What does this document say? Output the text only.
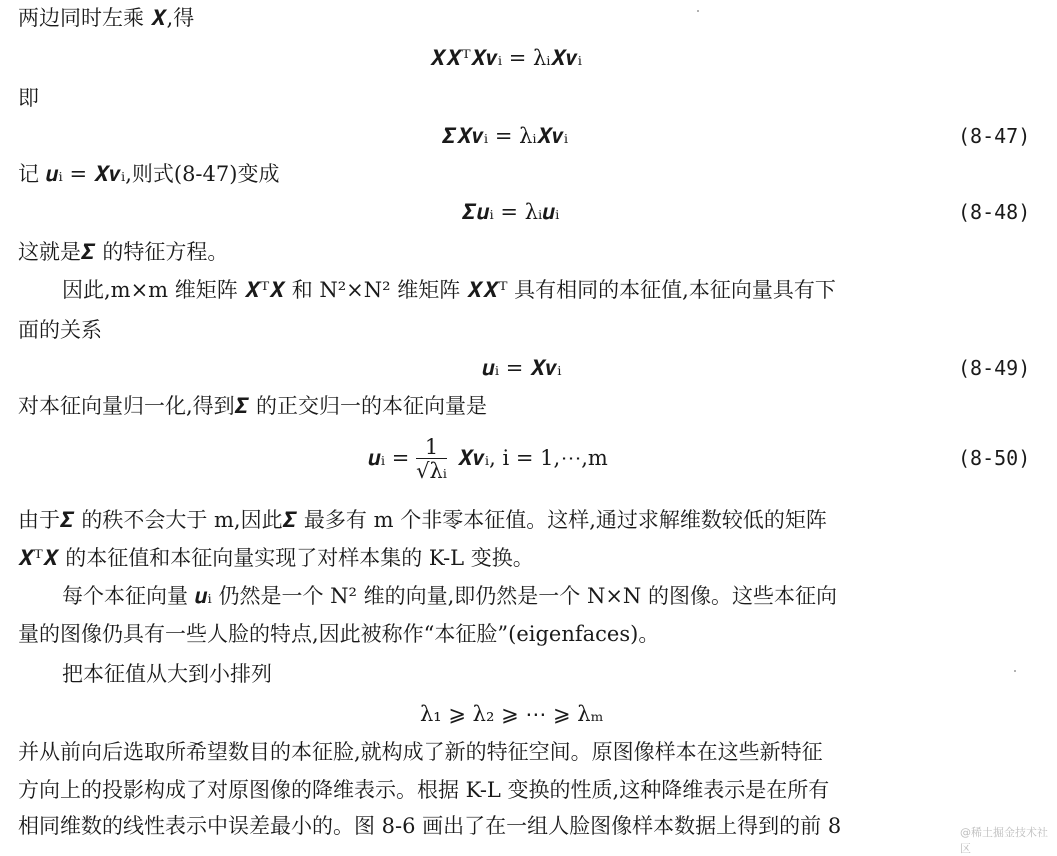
两边同时左乘 𝑿,得
𝑿𝑿ᵀ𝑿𝒗ᵢ = λᵢ𝑿𝒗ᵢ
即
𝜮𝑿𝒗ᵢ = λᵢ𝑿𝒗ᵢ	(8-47)
记 𝒖ᵢ = 𝑿𝒗ᵢ,则式(8-47)变成
𝜮𝒖ᵢ = λᵢ𝒖ᵢ	(8-48)
这就是𝜮 的特征方程。
因此,m×m 维矩阵 𝑿ᵀ𝑿 和 N²×N² 维矩阵 𝑿𝑿ᵀ 具有相同的本征值,本征向量具有下
面的关系
𝒖ᵢ = 𝑿𝒗ᵢ	(8-49)
对本征向量归一化,得到𝜮 的正交归一的本征向量是
𝒖ᵢ = $\frac{1}{\text{√λᵢ}}$ 𝑿𝒗ᵢ, i = 1,⋯,m	(8-50)
由于𝜮 的秩不会大于 m,因此𝜮 最多有 m 个非零本征值。这样,通过求解维数较低的矩阵
𝑿ᵀ𝑿 的本征值和本征向量实现了对样本集的 K-L 变换。
每个本征向量 𝒖ᵢ 仍然是一个 N² 维的向量,即仍然是一个 N×N 的图像。这些本征向
量的图像仍具有一些人脸的特点,因此被称作“本征脸”(eigenfaces)。
把本征值从大到小排列
λ₁ ⩾ λ₂ ⩾ ⋯ ⩾ λₘ
并从前向后选取所希望数目的本征脸,就构成了新的特征空间。原图像样本在这些新特征
方向上的投影构成了对原图像的降维表示。根据 K-L 变换的性质,这种降维表示是在所有
相同维数的线性表示中误差最小的。图 8-6 画出了在一组人脸图像样本数据上得到的前 8	@稀土掘金技术社区
